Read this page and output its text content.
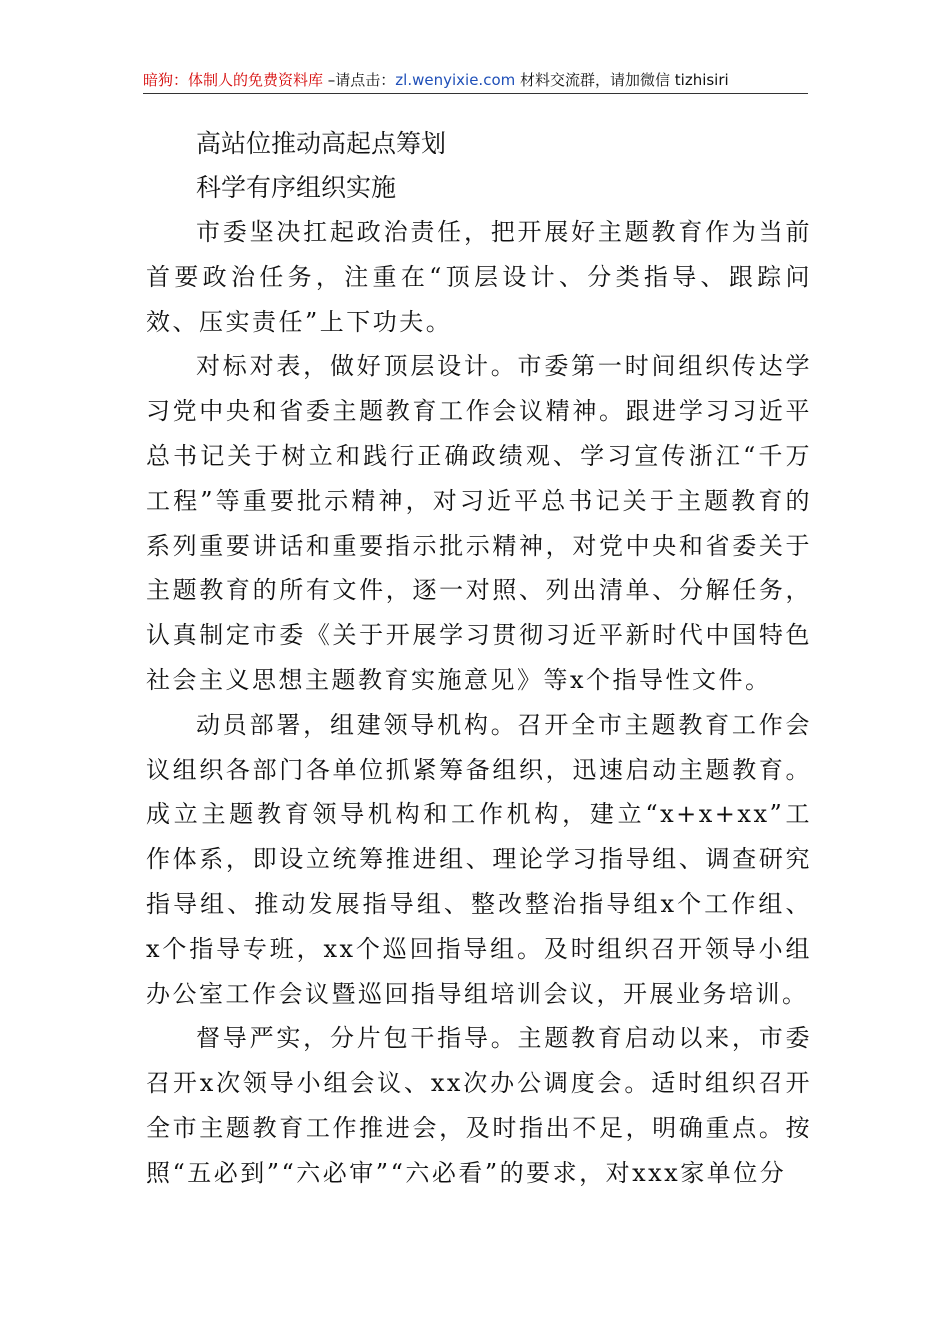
暗狗：体制人的免费资料库 –请点击：zl.wenyixie.com 材料交流群，请加微信 tizhisiri
高站位推动高起点筹划
科学有序组织实施

市委坚决扛起政治责任，把开展好主题教育作为当前首要政治任务，注重在“顶层设计、分类指导、跟踪问效、压实责任”上下功夫。

对标对表，做好顶层设计。市委第一时间组织传达学习党中央和省委主题教育工作会议精神。跟进学习习近平总书记关于树立和践行正确政绩观、学习宣传浙江“千万工程”等重要批示精神，对习近平总书记关于主题教育的系列重要讲话和重要指示批示精神，对党中央和省委关于主题教育的所有文件，逐一对照、列出清单、分解任务，认真制定市委《关于开展学习贯彻习近平新时代中国特色社会主义思想主题教育实施意见》等x个指导性文件。

动员部署，组建领导机构。召开全市主题教育工作会议组织各部门各单位抓紧筹备组织，迅速启动主题教育。成立主题教育领导机构和工作机构，建立“x+x+xx”工作体系，即设立统筹推进组、理论学习指导组、调查研究指导组、推动发展指导组、整改整治指导组x个工作组、x个指导专班，xx个巡回指导组。及时组织召开领导小组办公室工作会议暨巡回指导组培训会议，开展业务培训。

督导严实，分片包干指导。主题教育启动以来，市委召开x次领导小组会议、xx次办公调度会。适时组织召开全市主题教育工作推进会，及时指出不足，明确重点。按照“五必到”“六必审”“六必看”的要求，对xxx家单位分
